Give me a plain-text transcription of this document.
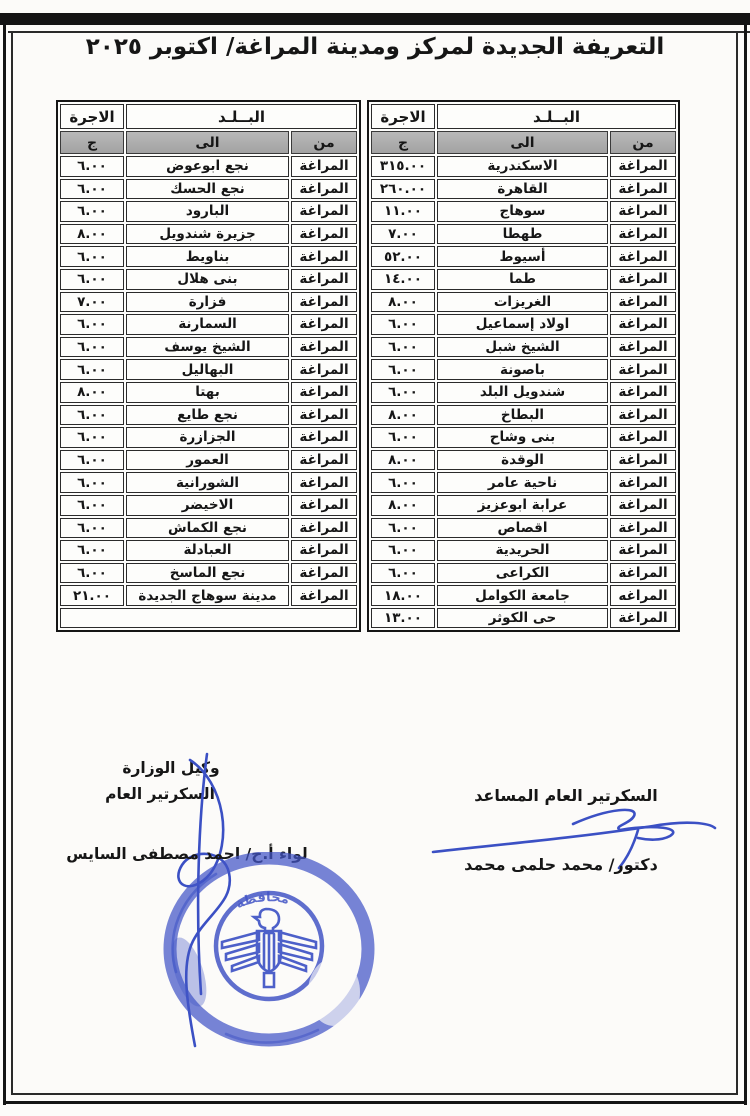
التعريفة الجديدة لمركز ومدينة المراغة/ اكتوبر ٢٠٢٥
البــلـد		الاجرة
من	الى	ج
المراغة	الاسكندرية	٣١٥.٠٠
المراغة	القاهرة	٢٦٠.٠٠
المراغة	سوهاج	١١.٠٠
المراغة	طهطا	٧.٠٠
المراغة	أسيوط	٥٢.٠٠
المراغة	طما	١٤.٠٠
المراغة	الغريزات	٨.٠٠
المراغة	اولاد إسماعيل	٦.٠٠
المراغة	الشيخ شبل	٦.٠٠
المراغة	باصونة	٦.٠٠
المراغة	شندويل البلد	٦.٠٠
المراغة	البطاخ	٨.٠٠
المراغة	بنى وشاح	٦.٠٠
المراغة	الوقدة	٨.٠٠
المراغة	ناحية عامر	٦.٠٠
المراغة	عرابة ابوعزيز	٨.٠٠
المراغة	اقصاص	٦.٠٠
المراغة	الحريدية	٦.٠٠
المراغة	الكراعى	٦.٠٠
المراغه	جامعة الكوامل	١٨.٠٠
المراغة	حى الكوثر	١٣.٠٠
البــلـد		الاجرة
من	الى	ج
المراغة	نجع ابوعوض	٦.٠٠
المراغة	نجع الحسك	٦.٠٠
المراغة	البارود	٦.٠٠
المراغة	جزيرة شندويل	٨.٠٠
المراغة	بناويط	٦.٠٠
المراغة	بنى هلال	٦.٠٠
المراغة	فزارة	٧.٠٠
المراغة	السمارنة	٦.٠٠
المراغة	الشيخ يوسف	٦.٠٠
المراغة	البهاليل	٦.٠٠
المراغة	بهتا	٨.٠٠
المراغة	نجع طايع	٦.٠٠
المراغة	الجزازرة	٦.٠٠
المراغة	العمور	٦.٠٠
المراغة	الشورانية	٦.٠٠
المراغة	الاخيضر	٦.٠٠
المراغة	نجع الكماش	٦.٠٠
المراغة	العبادلة	٦.٠٠
المراغة	نجع الماسخ	٦.٠٠
المراغة	مدينة سوهاج الجديدة	٢١.٠٠

السكرتير العام المساعد
دكتور/ محمد حلمى محمد
وكيل الوزارة
السكرتير العام
لواء أ.ح/ احمد مصطفى السايس
محافظة
